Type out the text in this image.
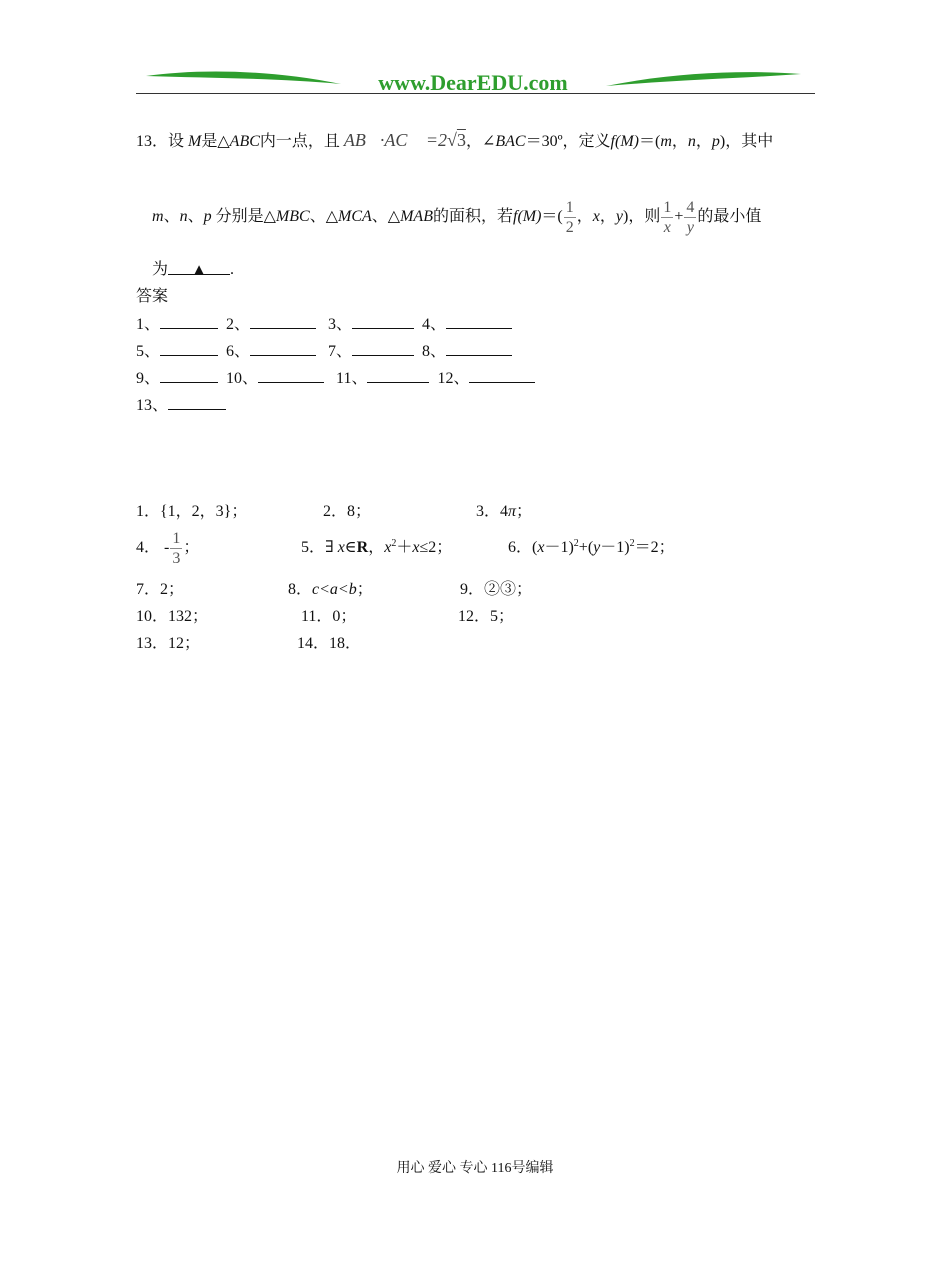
www.DearEDU.com
13．设 M是△ABC内一点，且 AB⃗·AC⃗ =2√3，∠BAC＝30º，定义f(M)＝(m，n，p)，其中
m、n、p 分别是△MBC、△MCA、△MAB的面积，若$f(M)=( \frac{1}{2}$ ，x，y)，则 $\frac{1}{x} + \frac{4}{y}$ 的最小值
为 ▲ .
答案
1、	2、	3、	4、
5、	6、	7、	8、
9、	10、	11、	12、
13、
1．{1，2，3}；	2．8；	3．4π；
4． - $\frac{1}{3}$ ；	5．∃ x∈R，$x^2+x\le 2$；	6．$(x-1)^2+(y-1)^2=2$；
7．2；	8．c<a<b；	9．②③；
10．132；	11．0；	12．5；
13．12；	14．18．
用心 爱心 专心 116号编辑
